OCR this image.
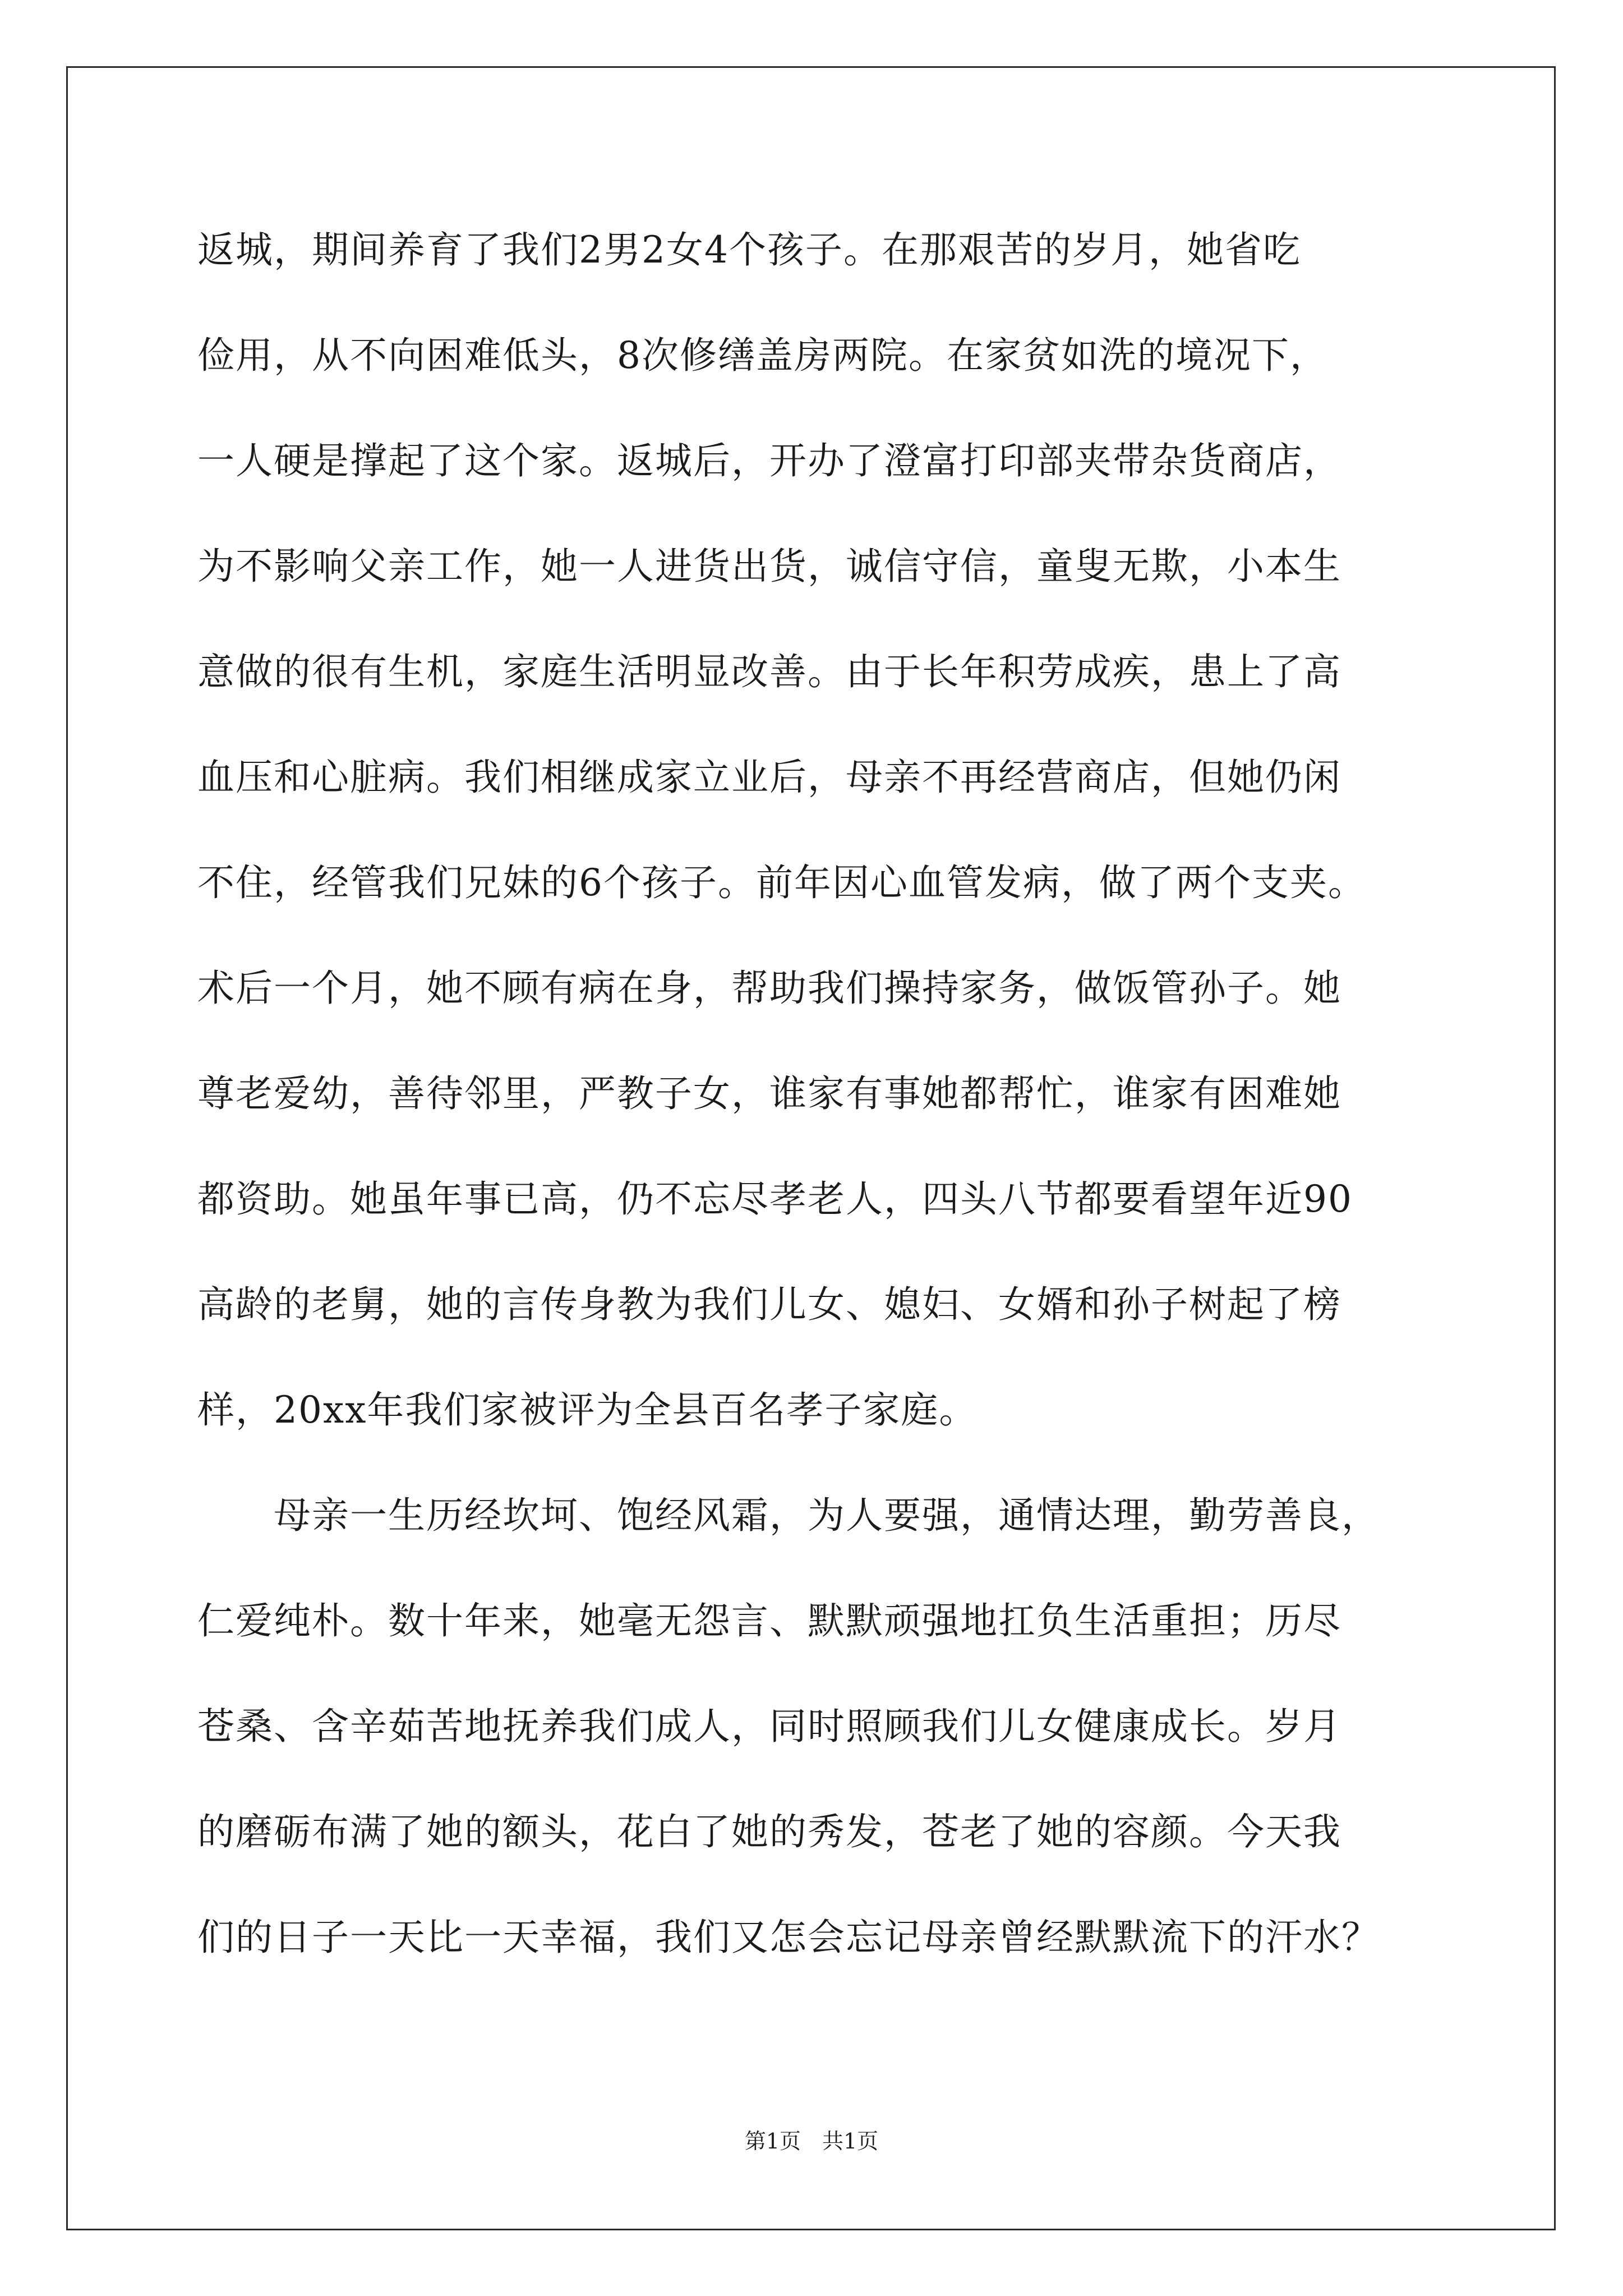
返城，期间养育了我们2男2女4个孩子。在那艰苦的岁月，她省吃
俭用，从不向困难低头，8次修缮盖房两院。在家贫如洗的境况下，
一人硬是撑起了这个家。返城后，开办了澄富打印部夹带杂货商店，
为不影响父亲工作，她一人进货出货，诚信守信，童叟无欺，小本生
意做的很有生机，家庭生活明显改善。由于长年积劳成疾，患上了高
血压和心脏病。我们相继成家立业后，母亲不再经营商店，但她仍闲
不住，经管我们兄妹的6个孩子。前年因心血管发病，做了两个支夹。
术后一个月，她不顾有病在身，帮助我们操持家务，做饭管孙子。她
尊老爱幼，善待邻里，严教子女，谁家有事她都帮忙，谁家有困难她
都资助。她虽年事已高，仍不忘尽孝老人，四头八节都要看望年近90
高龄的老舅，她的言传身教为我们儿女、媳妇、女婿和孙子树起了榜
样，20xx年我们家被评为全县百名孝子家庭。
　　母亲一生历经坎坷、饱经风霜，为人要强，通情达理，勤劳善良，
仁爱纯朴。数十年来，她毫无怨言、默默顽强地扛负生活重担；历尽
苍桑、含辛茹苦地抚养我们成人，同时照顾我们儿女健康成长。岁月
的磨砺布满了她的额头，花白了她的秀发，苍老了她的容颜。今天我
们的日子一天比一天幸福，我们又怎会忘记母亲曾经默默流下的汗水？
第1页　共1页
